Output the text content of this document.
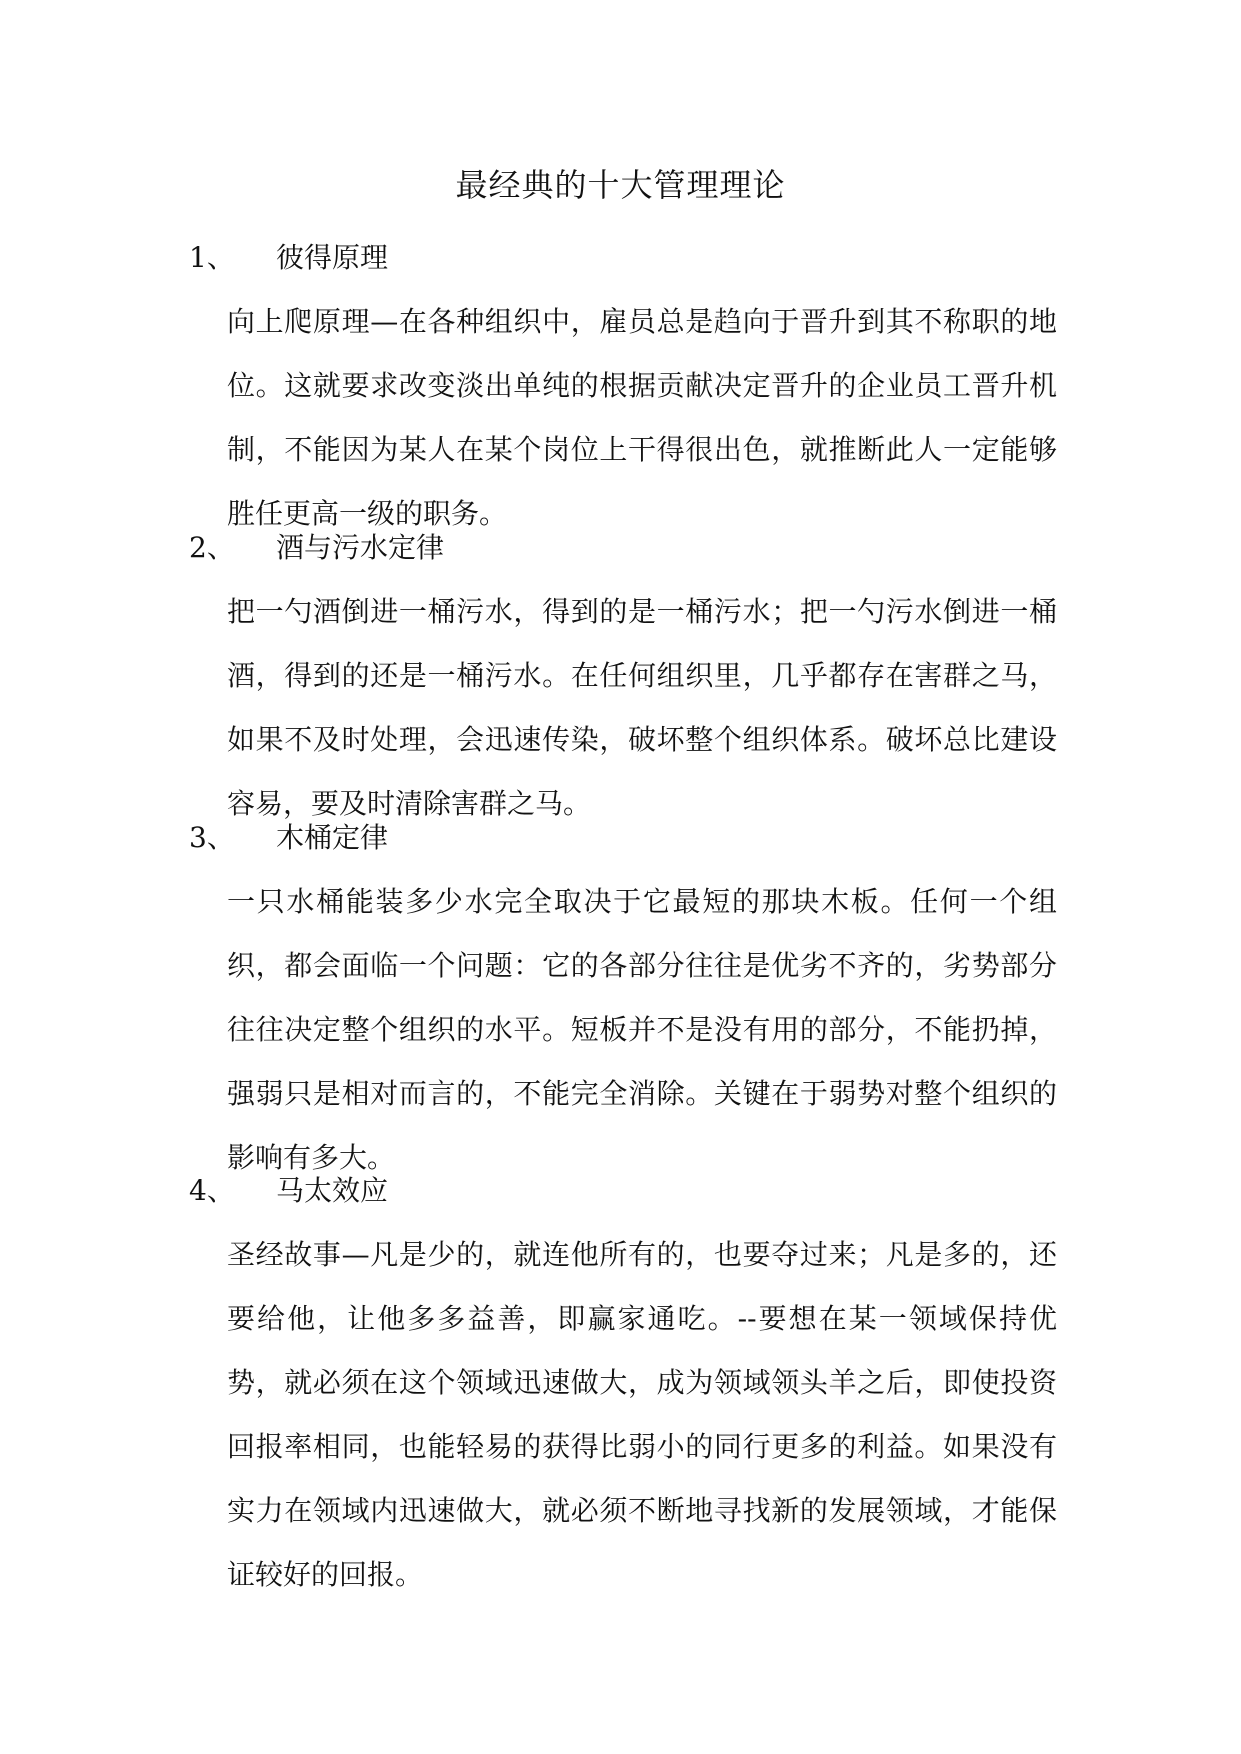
最经典的十大管理理论
1、 彼得原理
向上爬原理—在各种组织中，雇员总是趋向于晋升到其不称职的地位。这就要求改变淡出单纯的根据贡献决定晋升的企业员工晋升机制，不能因为某人在某个岗位上干得很出色，就推断此人一定能够胜任更高一级的职务。
2、 酒与污水定律
把一勺酒倒进一桶污水，得到的是一桶污水；把一勺污水倒进一桶酒，得到的还是一桶污水。在任何组织里，几乎都存在害群之马，如果不及时处理，会迅速传染，破坏整个组织体系。破坏总比建设容易，要及时清除害群之马。
3、 木桶定律
一只水桶能装多少水完全取决于它最短的那块木板。任何一个组织，都会面临一个问题：它的各部分往往是优劣不齐的，劣势部分往往决定整个组织的水平。短板并不是没有用的部分，不能扔掉，强弱只是相对而言的，不能完全消除。关键在于弱势对整个组织的影响有多大。
4、 马太效应
圣经故事—凡是少的，就连他所有的，也要夺过来；凡是多的，还要给他，让他多多益善，即赢家通吃。--要想在某一领域保持优势，就必须在这个领域迅速做大，成为领域领头羊之后，即使投资回报率相同，也能轻易的获得比弱小的同行更多的利益。如果没有实力在领域内迅速做大，就必须不断地寻找新的发展领域，才能保证较好的回报。
